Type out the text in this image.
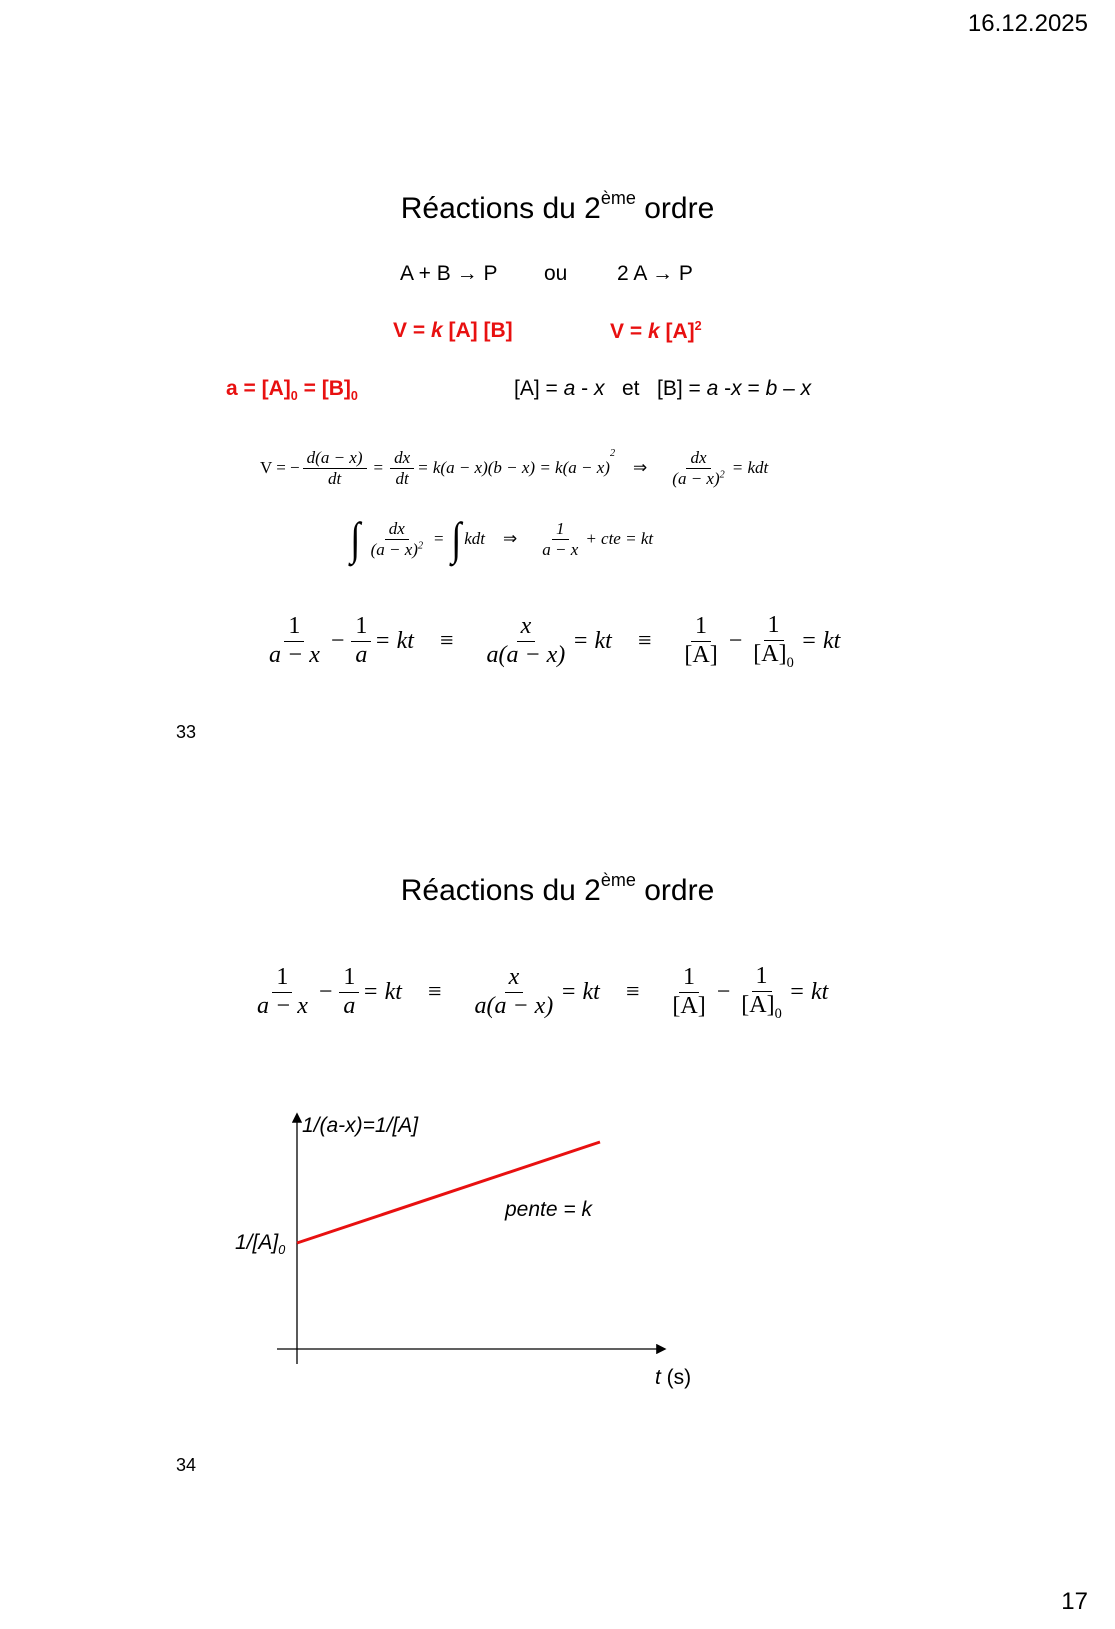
16.12.2025
17
Réactions du 2ème ordre
A + B → P ou 2 A → P
V = k [A] [B]	V = k $[A]^2$
$a = [A]_0 = [B]_0$	[A] = a - x   et   [B] = a -x = b – x
V = − $\frac{d(a - x)}{dt} = \frac{dx}{dt} = k(a - x)(b - x) = k(a - x)$
$^2$
⇒ $\frac{dx}{(a - x)^2}$ = kdt
∫ $\frac{dx}{(a - x)^2}$ = ∫ kdt ⇒ $\frac{1}{a - x}$ + cte = kt
$\frac{1}{a - x} - \frac{1}{a}$ = kt ≡ $\frac{x}{a(a - x)}$ = kt ≡ $\frac{1}{[A]} - \frac{1}{[A]_0}$ = kt
33
Réactions du 2ème ordre
$\frac{1}{a - x} - \frac{1}{a}$ = kt ≡ $\frac{x}{a(a - x)}$ = kt ≡ $\frac{1}{[A]} - \frac{1}{[A]_0}$ = kt
1/(a-x)=1/[A]
$1/[A]_0$
pente = k
t (s)
34
